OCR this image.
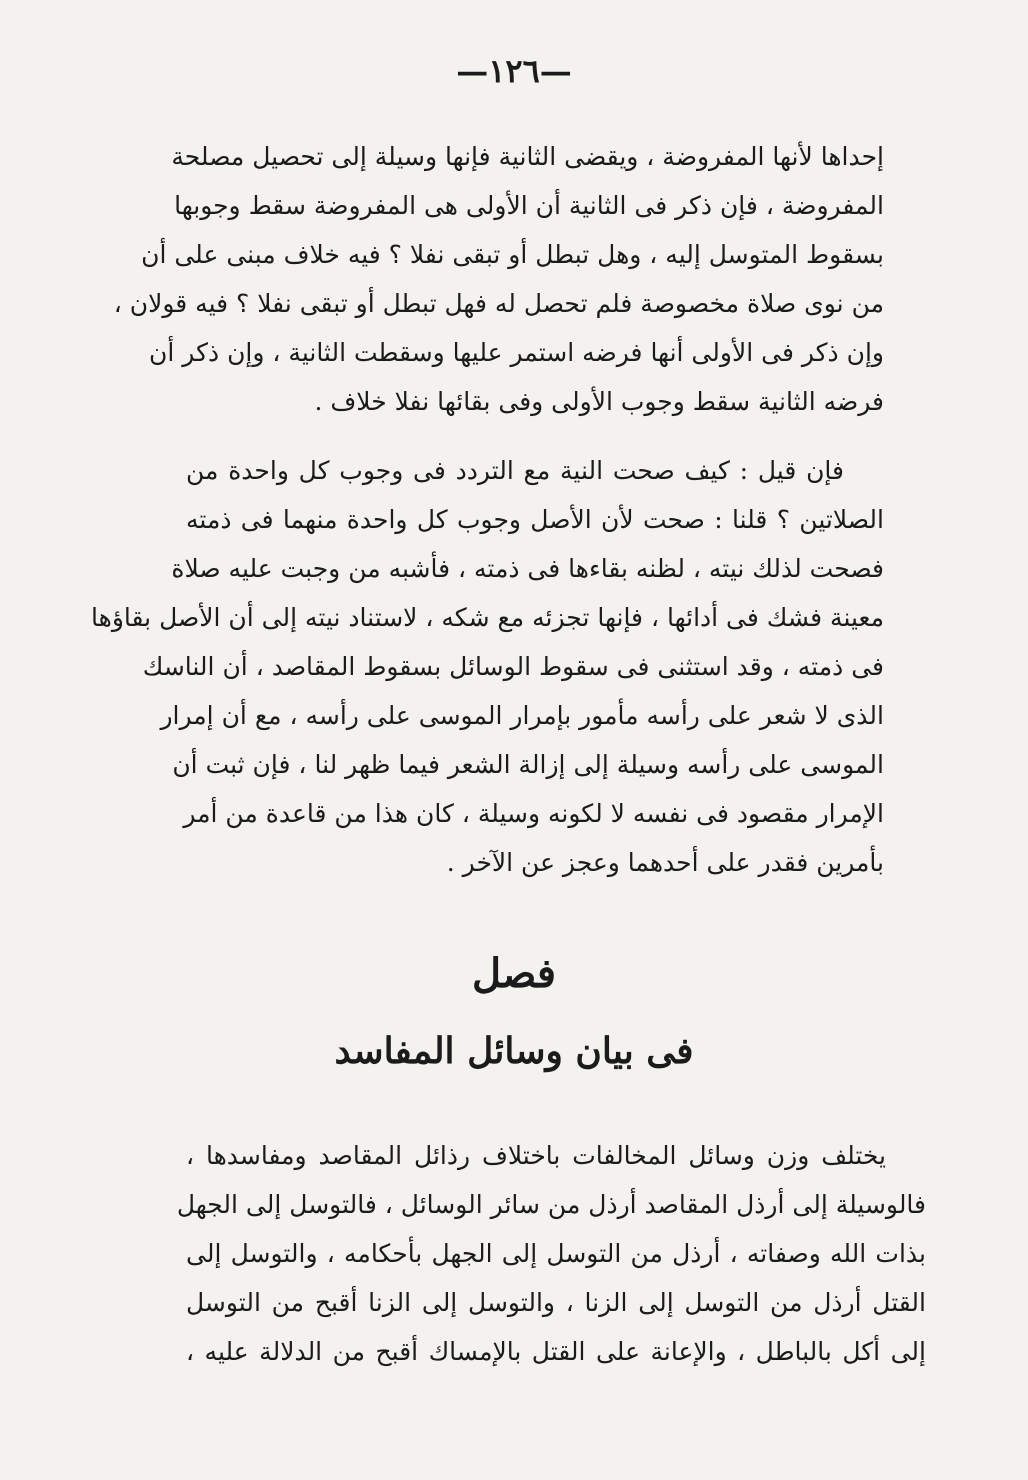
—١٢٦—
إحداها لأنها المفروضة ، ويقضى الثانية فإنها وسيلة إلى تحصيل مصلحة
المفروضة ، فإن ذكر فى الثانية أن الأولى هى المفروضة سقط وجوبها
بسقوط المتوسل إليه ، وهل تبطل أو تبقى نفلا ؟ فيه خلاف مبنى على أن
من نوى صلاة مخصوصة فلم تحصل له فهل تبطل أو تبقى نفلا ؟ فيه قولان ،
وإن ذكر فى الأولى أنها فرضه استمر عليها وسقطت الثانية ، وإن ذكر أن
فرضه الثانية سقط وجوب الأولى وفى بقائها نفلا خلاف .
فإن قيل : كيف صحت النية مع التردد فى وجوب كل واحدة من
الصلاتين ؟ قلنا : صحت لأن الأصل وجوب كل واحدة منهما فى ذمته
فصحت لذلك نيته ، لظنه بقاءها فى ذمته ، فأشبه من وجبت عليه صلاة
معينة فشك فى أدائها ، فإنها تجزئه مع شكه ، لاستناد نيته إلى أن الأصل بقاؤها
فى ذمته ، وقد استثنى فى سقوط الوسائل بسقوط المقاصد ، أن الناسك
الذى لا شعر على رأسه مأمور بإمرار الموسى على رأسه ، مع أن إمرار
الموسى على رأسه وسيلة إلى إزالة الشعر فيما ظهر لنا ، فإن ثبت أن
الإمرار مقصود فى نفسه لا لكونه وسيلة ، كان هذا من قاعدة من أمر
بأمرين فقدر على أحدهما وعجز عن الآخر .
فصل
فى بيان وسائل المفاسد
يختلف وزن وسائل المخالفات باختلاف رذائل المقاصد ومفاسدها ،
فالوسيلة إلى أرذل المقاصد أرذل من سائر الوسائل ، فالتوسل إلى الجهل
بذات الله وصفاته ، أرذل من التوسل إلى الجهل بأحكامه ، والتوسل إلى
القتل أرذل من التوسل إلى الزنا ، والتوسل إلى الزنا أقبح من التوسل
إلى أكل بالباطل ، والإعانة على القتل بالإمساك أقبح من الدلالة عليه ،
